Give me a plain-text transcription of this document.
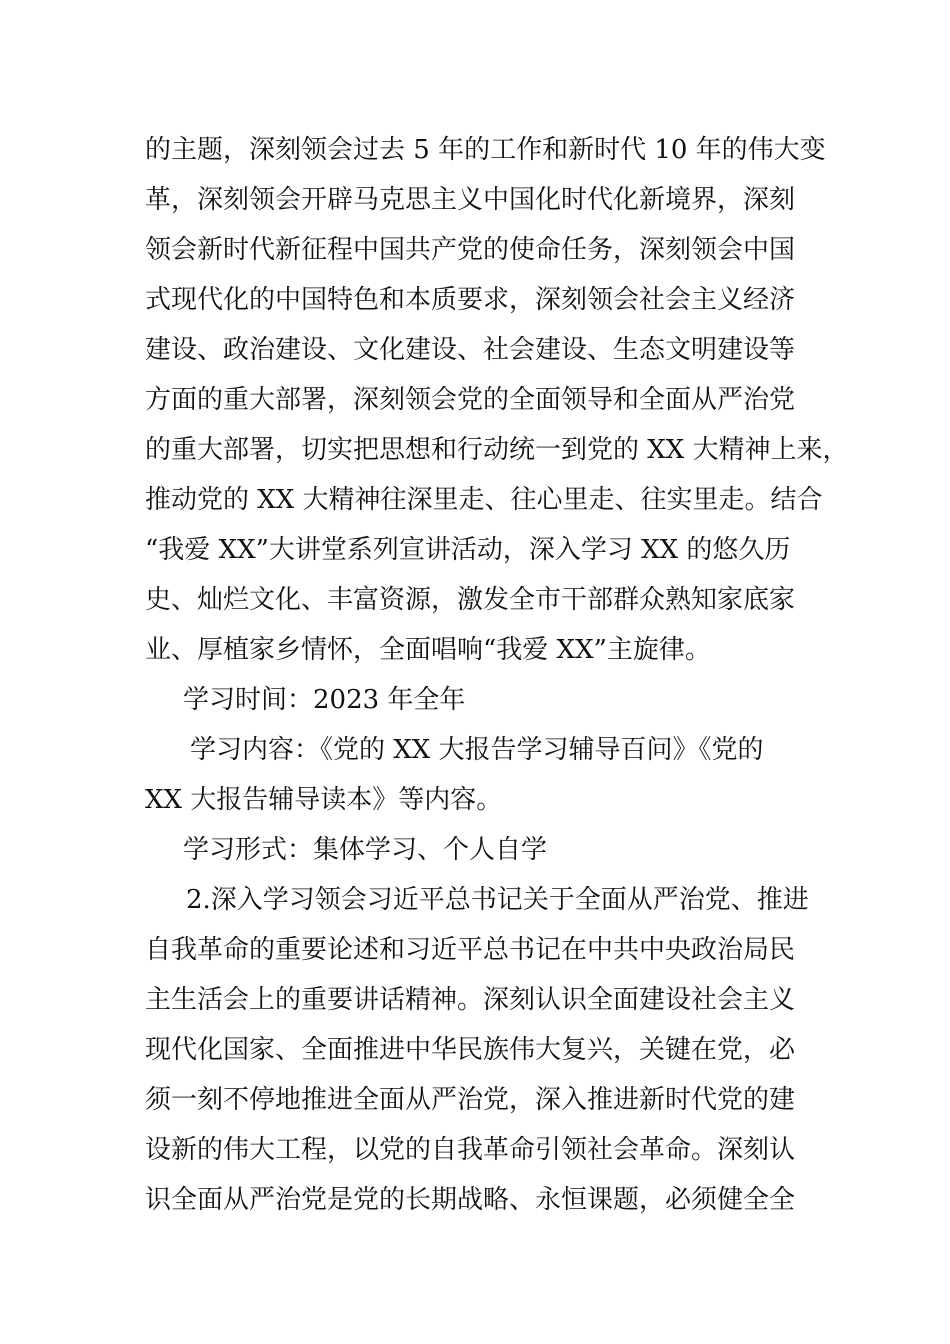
的主题，深刻领会过去 5 年的工作和新时代 10 年的伟大变
革，深刻领会开辟马克思主义中国化时代化新境界，深刻
领会新时代新征程中国共产党的使命任务，深刻领会中国
式现代化的中国特色和本质要求，深刻领会社会主义经济
建设、政治建设、文化建设、社会建设、生态文明建设等
方面的重大部署，深刻领会党的全面领导和全面从严治党
的重大部署，切实把思想和行动统一到党的 XX 大精神上来，
推动党的 XX 大精神往深里走、往心里走、往实里走。结合
“我爱 XX”大讲堂系列宣讲活动，深入学习 XX 的悠久历
史、灿烂文化、丰富资源，激发全市干部群众熟知家底家
业、厚植家乡情怀，全面唱响“我爱 XX”主旋律。
学习时间：2023 年全年
学习内容：《党的 XX 大报告学习辅导百问》《党的
XX 大报告辅导读本》等内容。
学习形式：集体学习、个人自学
2.深入学习领会习近平总书记关于全面从严治党、推进
自我革命的重要论述和习近平总书记在中共中央政治局民
主生活会上的重要讲话精神。深刻认识全面建设社会主义
现代化国家、全面推进中华民族伟大复兴，关键在党，必
须一刻不停地推进全面从严治党，深入推进新时代党的建
设新的伟大工程，以党的自我革命引领社会革命。深刻认
识全面从严治党是党的长期战略、永恒课题，必须健全全
